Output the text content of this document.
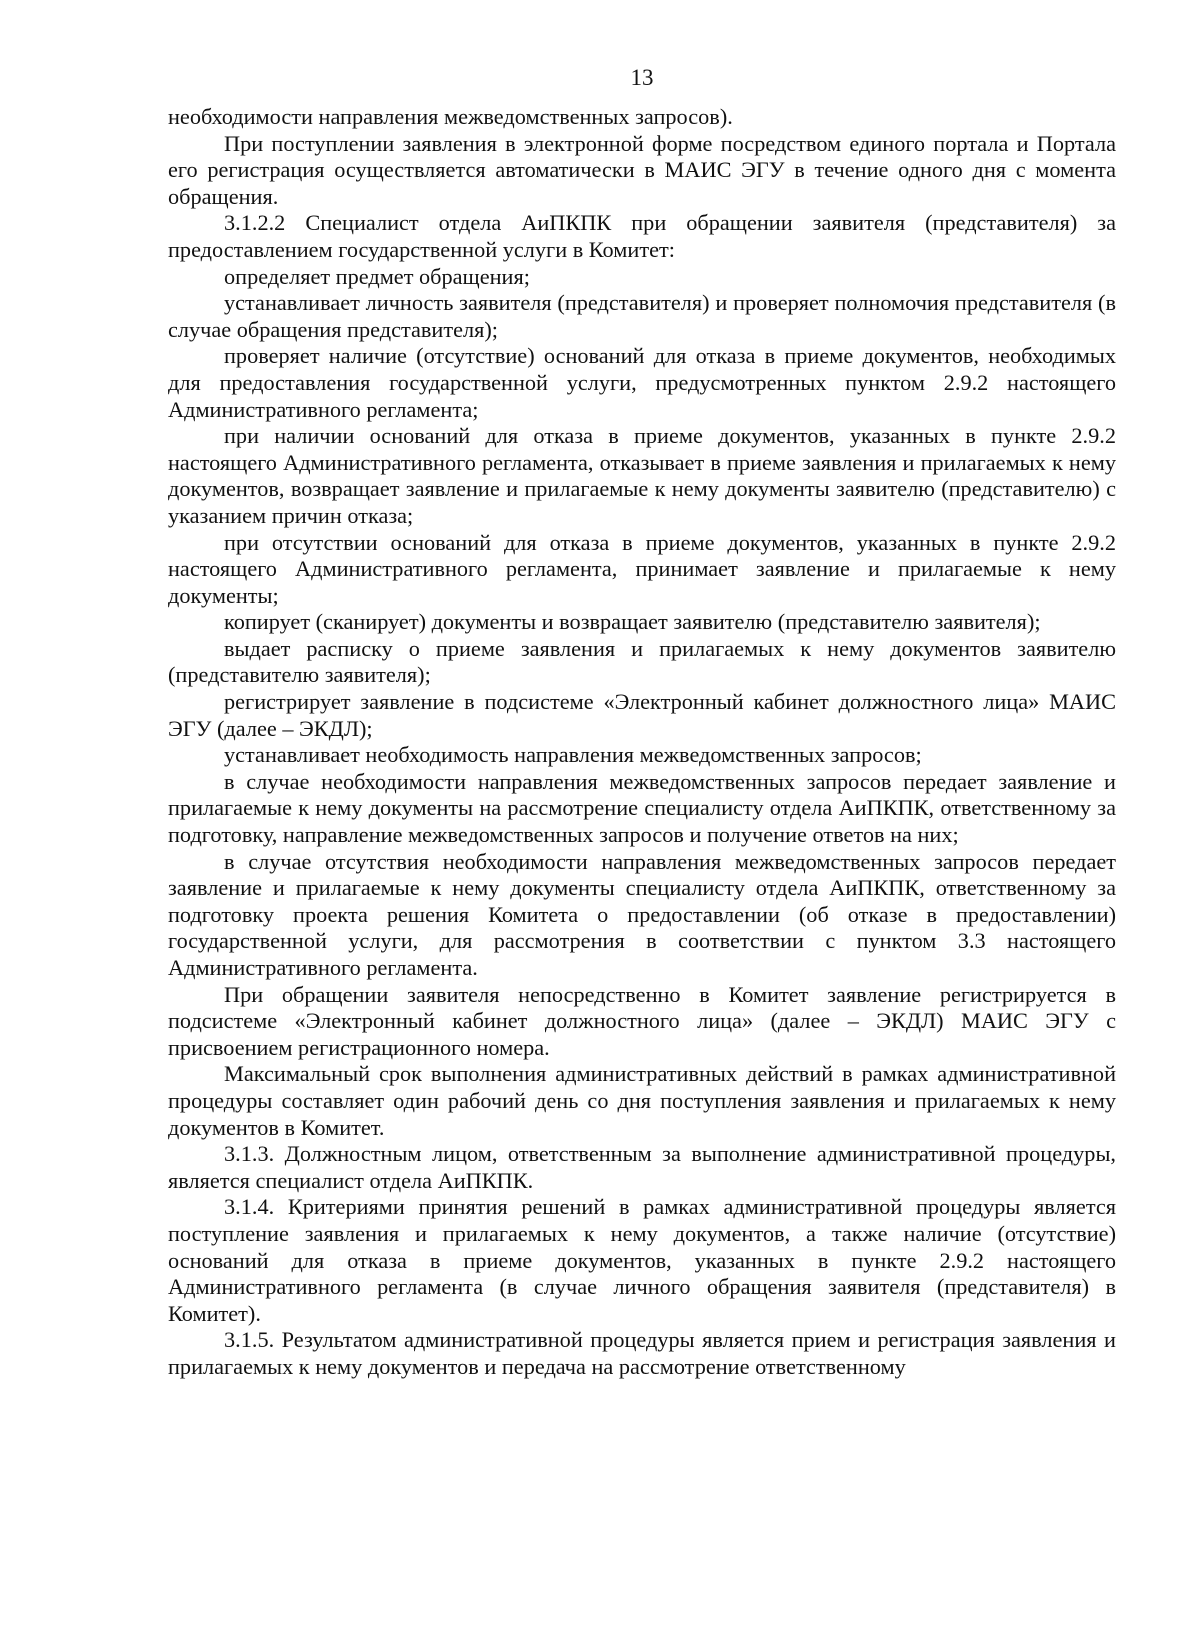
13

необходимости направления межведомственных запросов).

При поступлении заявления в электронной форме посредством единого портала и Портала его регистрация осуществляется автоматически в МАИС ЭГУ в течение одного дня с момента обращения.

3.1.2.2 Специалист отдела АиПКПК при обращении заявителя (представителя) за предоставлением государственной услуги в Комитет:

определяет предмет обращения;

устанавливает личность заявителя (представителя) и проверяет полномочия представителя (в случае обращения представителя);

проверяет наличие (отсутствие) оснований для отказа в приеме документов, необходимых для предоставления государственной услуги, предусмотренных пунктом 2.9.2 настоящего Административного регламента;

при наличии оснований для отказа в приеме документов, указанных в пункте 2.9.2 настоящего Административного регламента, отказывает в приеме заявления и прилагаемых к нему документов, возвращает заявление и прилагаемые к нему документы заявителю (представителю) с указанием причин отказа;

при отсутствии оснований для отказа в приеме документов, указанных в пункте 2.9.2 настоящего Административного регламента, принимает заявление и прилагаемые к нему документы;

копирует (сканирует) документы и возвращает заявителю (представителю заявителя);

выдает расписку о приеме заявления и прилагаемых к нему документов заявителю (представителю заявителя);

регистрирует заявление в подсистеме «Электронный кабинет должностного лица» МАИС ЭГУ (далее – ЭКДЛ);

устанавливает необходимость направления межведомственных запросов;

в случае необходимости направления межведомственных запросов передает заявление и прилагаемые к нему документы на рассмотрение специалисту отдела АиПКПК, ответственному за подготовку, направление межведомственных запросов и получение ответов на них;

в случае отсутствия необходимости направления межведомственных запросов передает заявление и прилагаемые к нему документы специалисту отдела АиПКПК, ответственному за подготовку проекта решения Комитета о предоставлении (об отказе в предоставлении) государственной услуги, для рассмотрения в соответствии с пунктом 3.3 настоящего Административного регламента.

При обращении заявителя непосредственно в Комитет заявление регистрируется в подсистеме «Электронный кабинет должностного лица» (далее – ЭКДЛ) МАИС ЭГУ с присвоением регистрационного номера.

Максимальный срок выполнения административных действий в рамках административной процедуры составляет один рабочий день со дня поступления заявления и прилагаемых к нему документов в Комитет.

3.1.3. Должностным лицом, ответственным за выполнение административной процедуры, является специалист отдела АиПКПК.

3.1.4. Критериями принятия решений в рамках административной процедуры является поступление заявления и прилагаемых к нему документов, а также наличие (отсутствие) оснований для отказа в приеме документов, указанных в пункте 2.9.2 настоящего Административного регламента (в случае личного обращения заявителя (представителя) в Комитет).

3.1.5. Результатом административной процедуры является прием и регистрация заявления и прилагаемых к нему документов и передача на рассмотрение ответственному
